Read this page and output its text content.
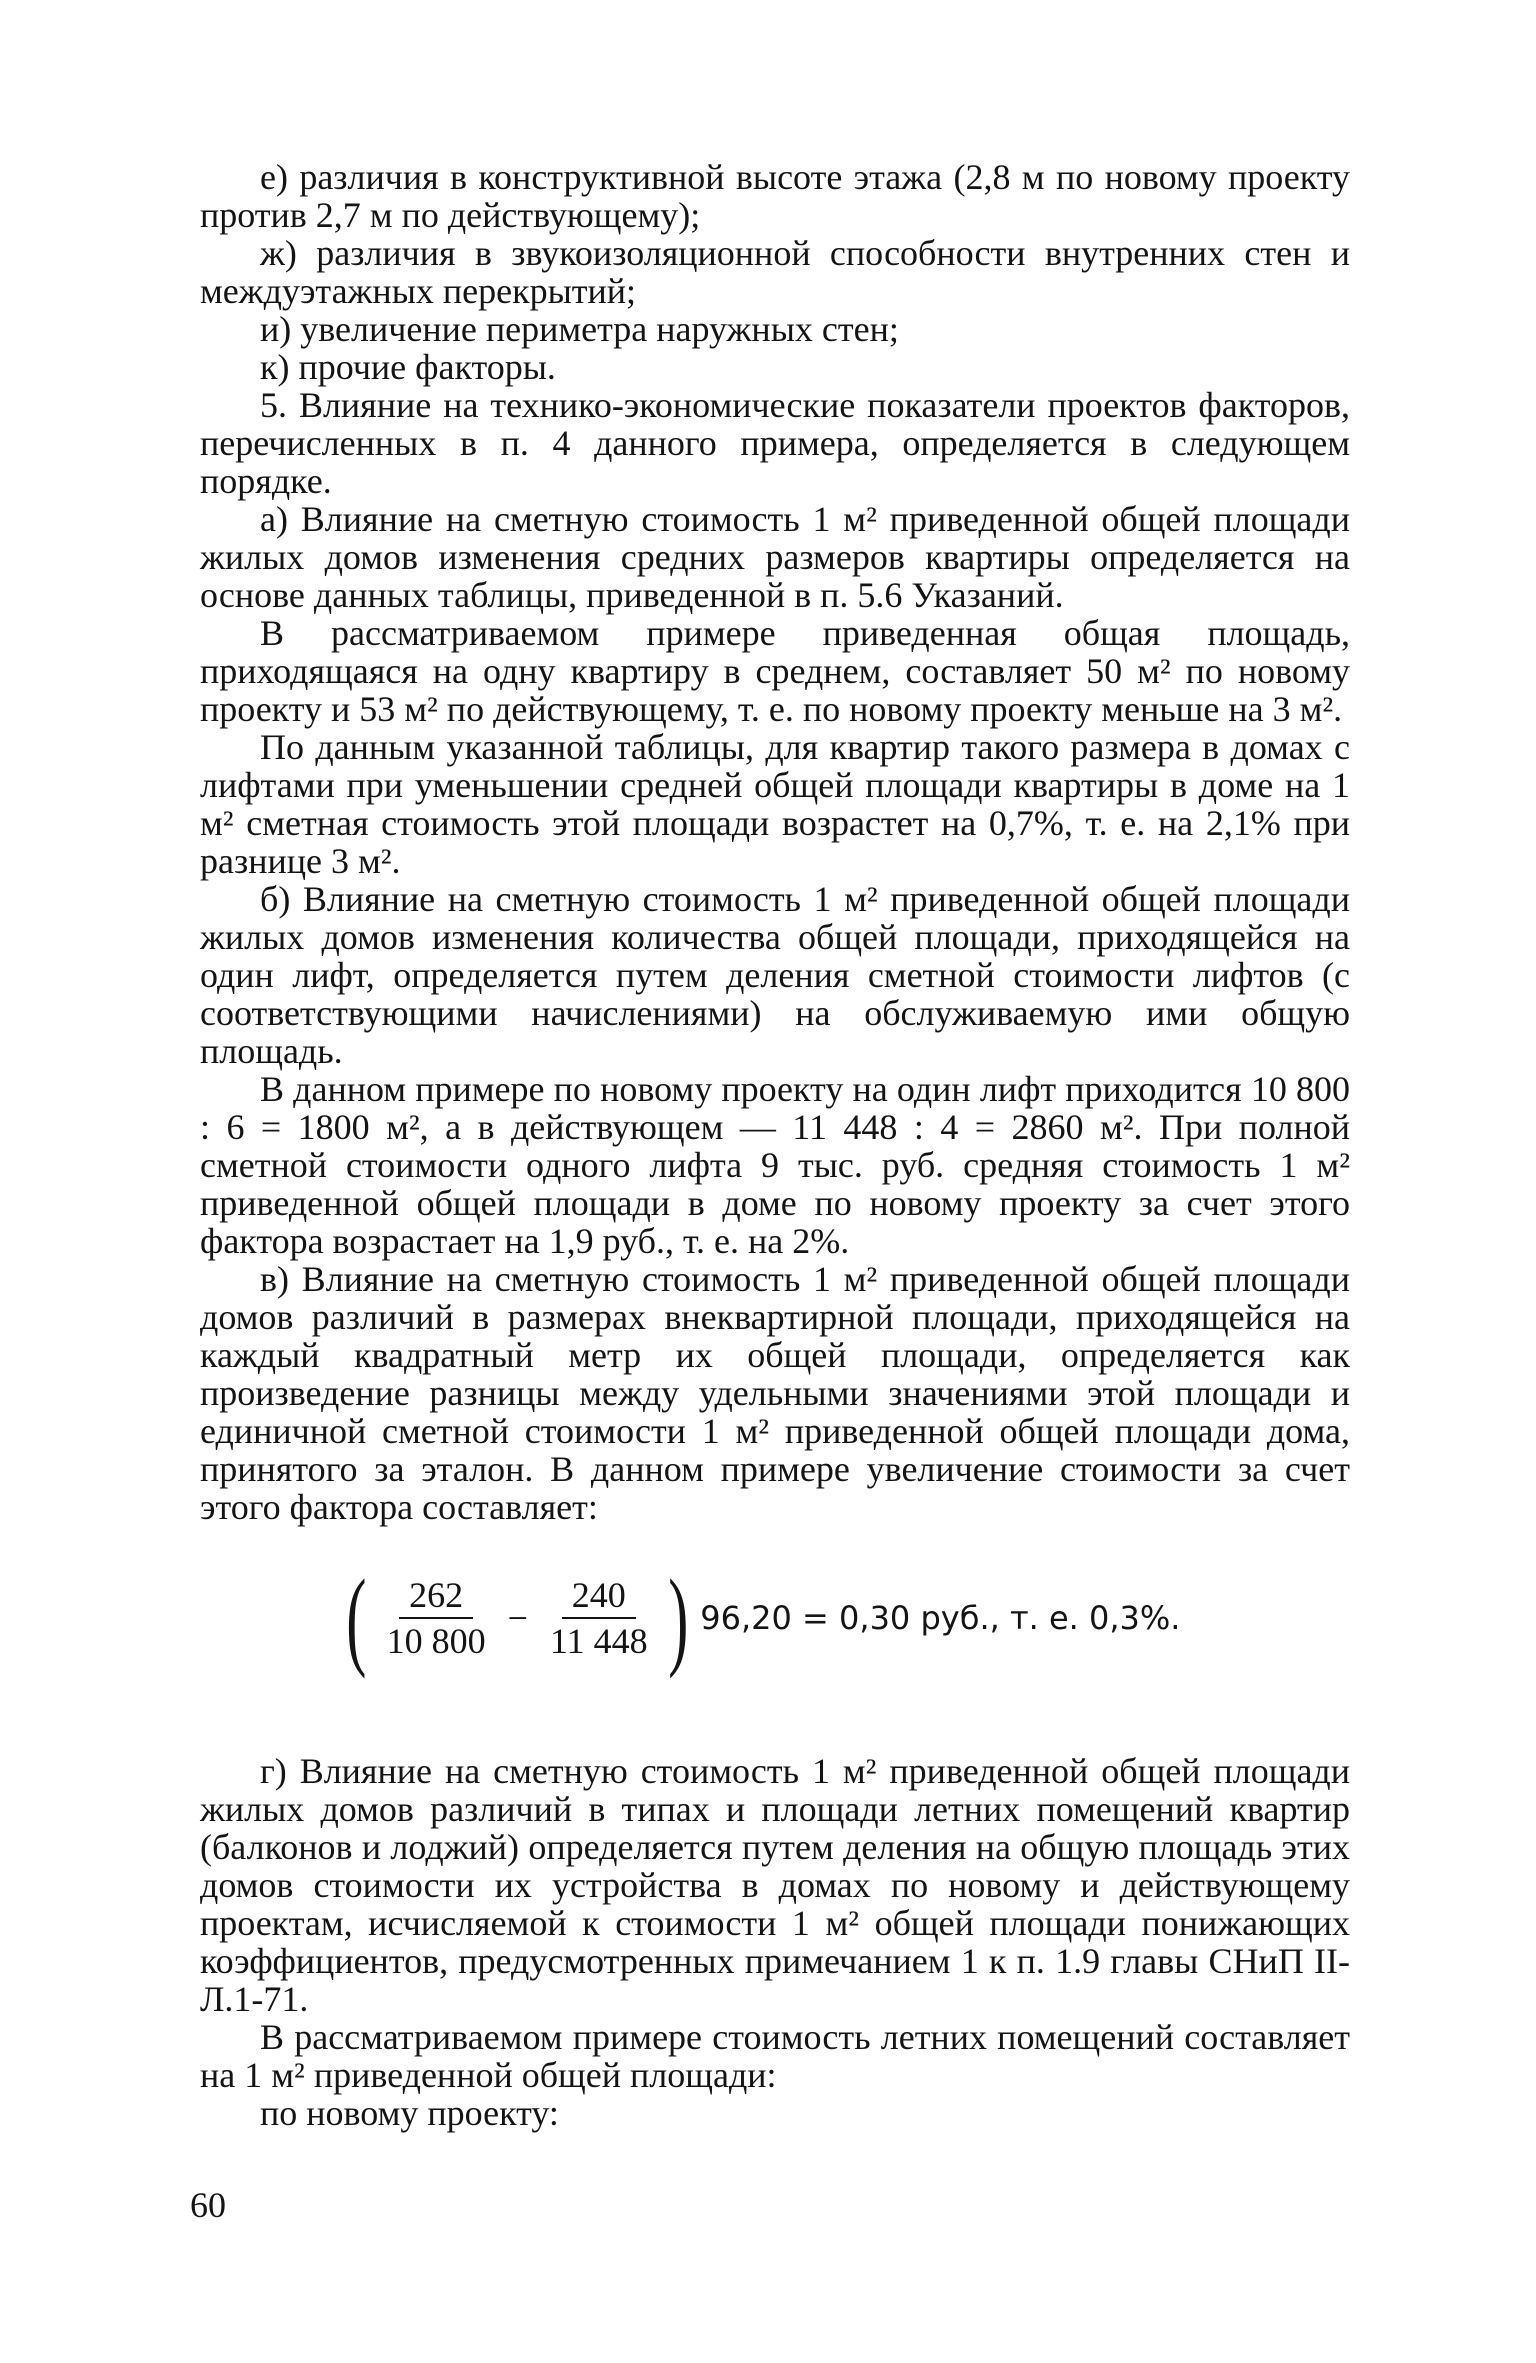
е) различия в конструктивной высоте этажа (2,8 м по новому проекту против 2,7 м по действующему);

ж) различия в звукоизоляционной способности внутренних стен и междуэтажных перекрытий;

и) увеличение периметра наружных стен;

к) прочие факторы.

5. Влияние на технико-экономические показатели проектов факторов, перечисленных в п. 4 данного примера, определяется в следующем порядке.

а) Влияние на сметную стоимость 1 м² приведенной общей площади жилых домов изменения средних размеров квартиры определяется на основе данных таблицы, приведенной в п. 5.6 Указаний.

В рассматриваемом примере приведенная общая площадь, приходящаяся на одну квартиру в среднем, составляет 50 м² по новому проекту и 53 м² по действующему, т. е. по новому проекту меньше на 3 м².

По данным указанной таблицы, для квартир такого размера в домах с лифтами при уменьшении средней общей площади квартиры в доме на 1 м² сметная стоимость этой площади возрастет на 0,7%, т. е. на 2,1% при разнице 3 м².

б) Влияние на сметную стоимость 1 м² приведенной общей площади жилых домов изменения количества общей площади, приходящейся на один лифт, определяется путем деления сметной стоимости лифтов (с соответствующими начислениями) на обслуживаемую ими общую площадь.

В данном примере по новому проекту на один лифт приходится 10 800 : 6 = 1800 м², а в действующем — 11 448 : 4 = 2860 м². При полной сметной стоимости одного лифта 9 тыс. руб. средняя стоимость 1 м² приведенной общей площади в доме по новому проекту за счет этого фактора возрастает на 1,9 руб., т. е. на 2%.

в) Влияние на сметную стоимость 1 м² приведенной общей площади домов различий в размерах внеквартирной площади, приходящейся на каждый квадратный метр их общей площади, определяется как произведение разницы между удельными значениями этой площади и единичной сметной стоимости 1 м² приведенной общей площади дома, принятого за эталон. В данном примере увеличение стоимости за счет этого фактора составляет:

( $\frac{262}{10 800} - \frac{240}{11 448}$ ) 96,20 = 0,30 руб., т. е. 0,3%.

г) Влияние на сметную стоимость 1 м² приведенной общей площади жилых домов различий в типах и площади летних помещений квартир (балконов и лоджий) определяется путем деления на общую площадь этих домов стоимости их устройства в домах по новому и действующему проектам, исчисляемой к стоимости 1 м² общей площади понижающих коэффициентов, предусмотренных примечанием 1 к п. 1.9 главы СНиП II-Л.1-71.

В рассматриваемом примере стоимость летних помещений составляет на 1 м² приведенной общей площади:

по новому проекту:

60
